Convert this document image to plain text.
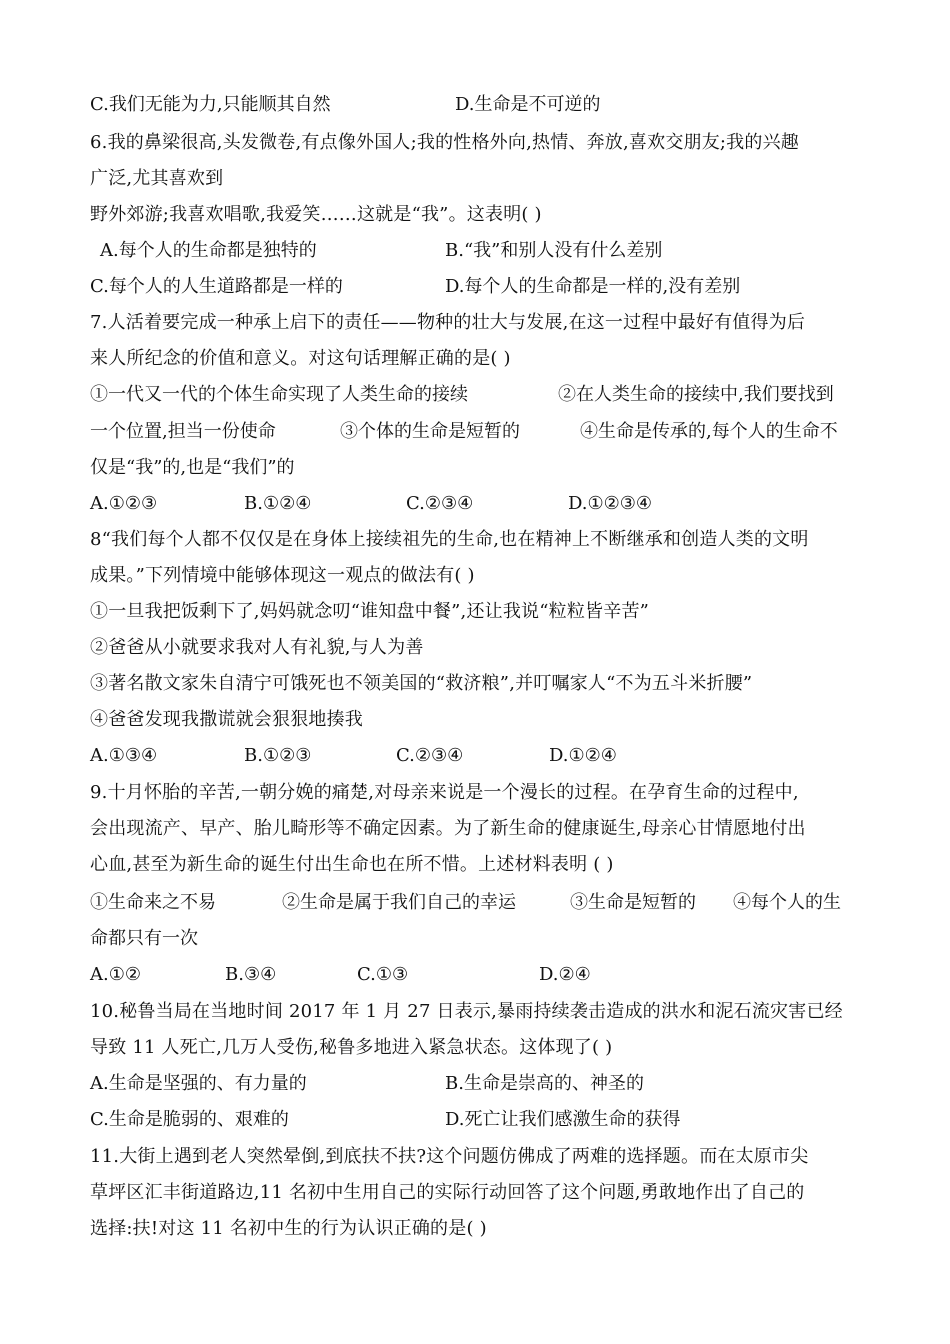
C.我们无能为力,只能顺其自然	D.生命是不可逆的
6.我的鼻梁很高,头发微卷,有点像外国人;我的性格外向,热情、奔放,喜欢交朋友;我的兴趣
广泛,尤其喜欢到
野外郊游;我喜欢唱歌,我爱笑……这就是“我”。这表明( )
A.每个人的生命都是独特的	B.“我”和别人没有什么差别
C.每个人的人生道路都是一样的	D.每个人的生命都是一样的,没有差别
7.人活着要完成一种承上启下的责任——物种的壮大与发展,在这一过程中最好有值得为后
来人所纪念的价值和意义。对这句话理解正确的是( )
①一代又一代的个体生命实现了人类生命的接续	②在人类生命的接续中,我们要找到
一个位置,担当一份使命	③个体的生命是短暂的	④生命是传承的,每个人的生命不
仅是“我”的,也是“我们”的
A.①②③	B.①②④	C.②③④	D.①②③④
8“我们每个人都不仅仅是在身体上接续祖先的生命,也在精神上不断继承和创造人类的文明
成果。”下列情境中能够体现这一观点的做法有( )
①一旦我把饭剩下了,妈妈就念叨“谁知盘中餐”,还让我说“粒粒皆辛苦”
②爸爸从小就要求我对人有礼貌,与人为善
③著名散文家朱自清宁可饿死也不领美国的“救济粮”,并叮嘱家人“不为五斗米折腰”
④爸爸发现我撒谎就会狠狠地揍我
A.①③④	B.①②③	C.②③④	D.①②④
9.十月怀胎的辛苦,一朝分娩的痛楚,对母亲来说是一个漫长的过程。在孕育生命的过程中,
会出现流产、早产、胎儿畸形等不确定因素。为了新生命的健康诞生,母亲心甘情愿地付出
心血,甚至为新生命的诞生付出生命也在所不惜。上述材料表明 ( )
①生命来之不易	②生命是属于我们自己的幸运	③生命是短暂的 ④每个人的生
命都只有一次
A.①②	B.③④	C.①③	D.②④
10.秘鲁当局在当地时间 2017 年 1 月 27 日表示,暴雨持续袭击造成的洪水和泥石流灾害已经
导致 11 人死亡,几万人受伤,秘鲁多地进入紧急状态。这体现了( )
A.生命是坚强的、有力量的	B.生命是崇高的、神圣的
C.生命是脆弱的、艰难的	D.死亡让我们感激生命的获得
11.大街上遇到老人突然晕倒,到底扶不扶?这个问题仿佛成了两难的选择题。而在太原市尖
草坪区汇丰街道路边,11 名初中生用自己的实际行动回答了这个问题,勇敢地作出了自己的
选择:扶!对这 11 名初中生的行为认识正确的是( )
